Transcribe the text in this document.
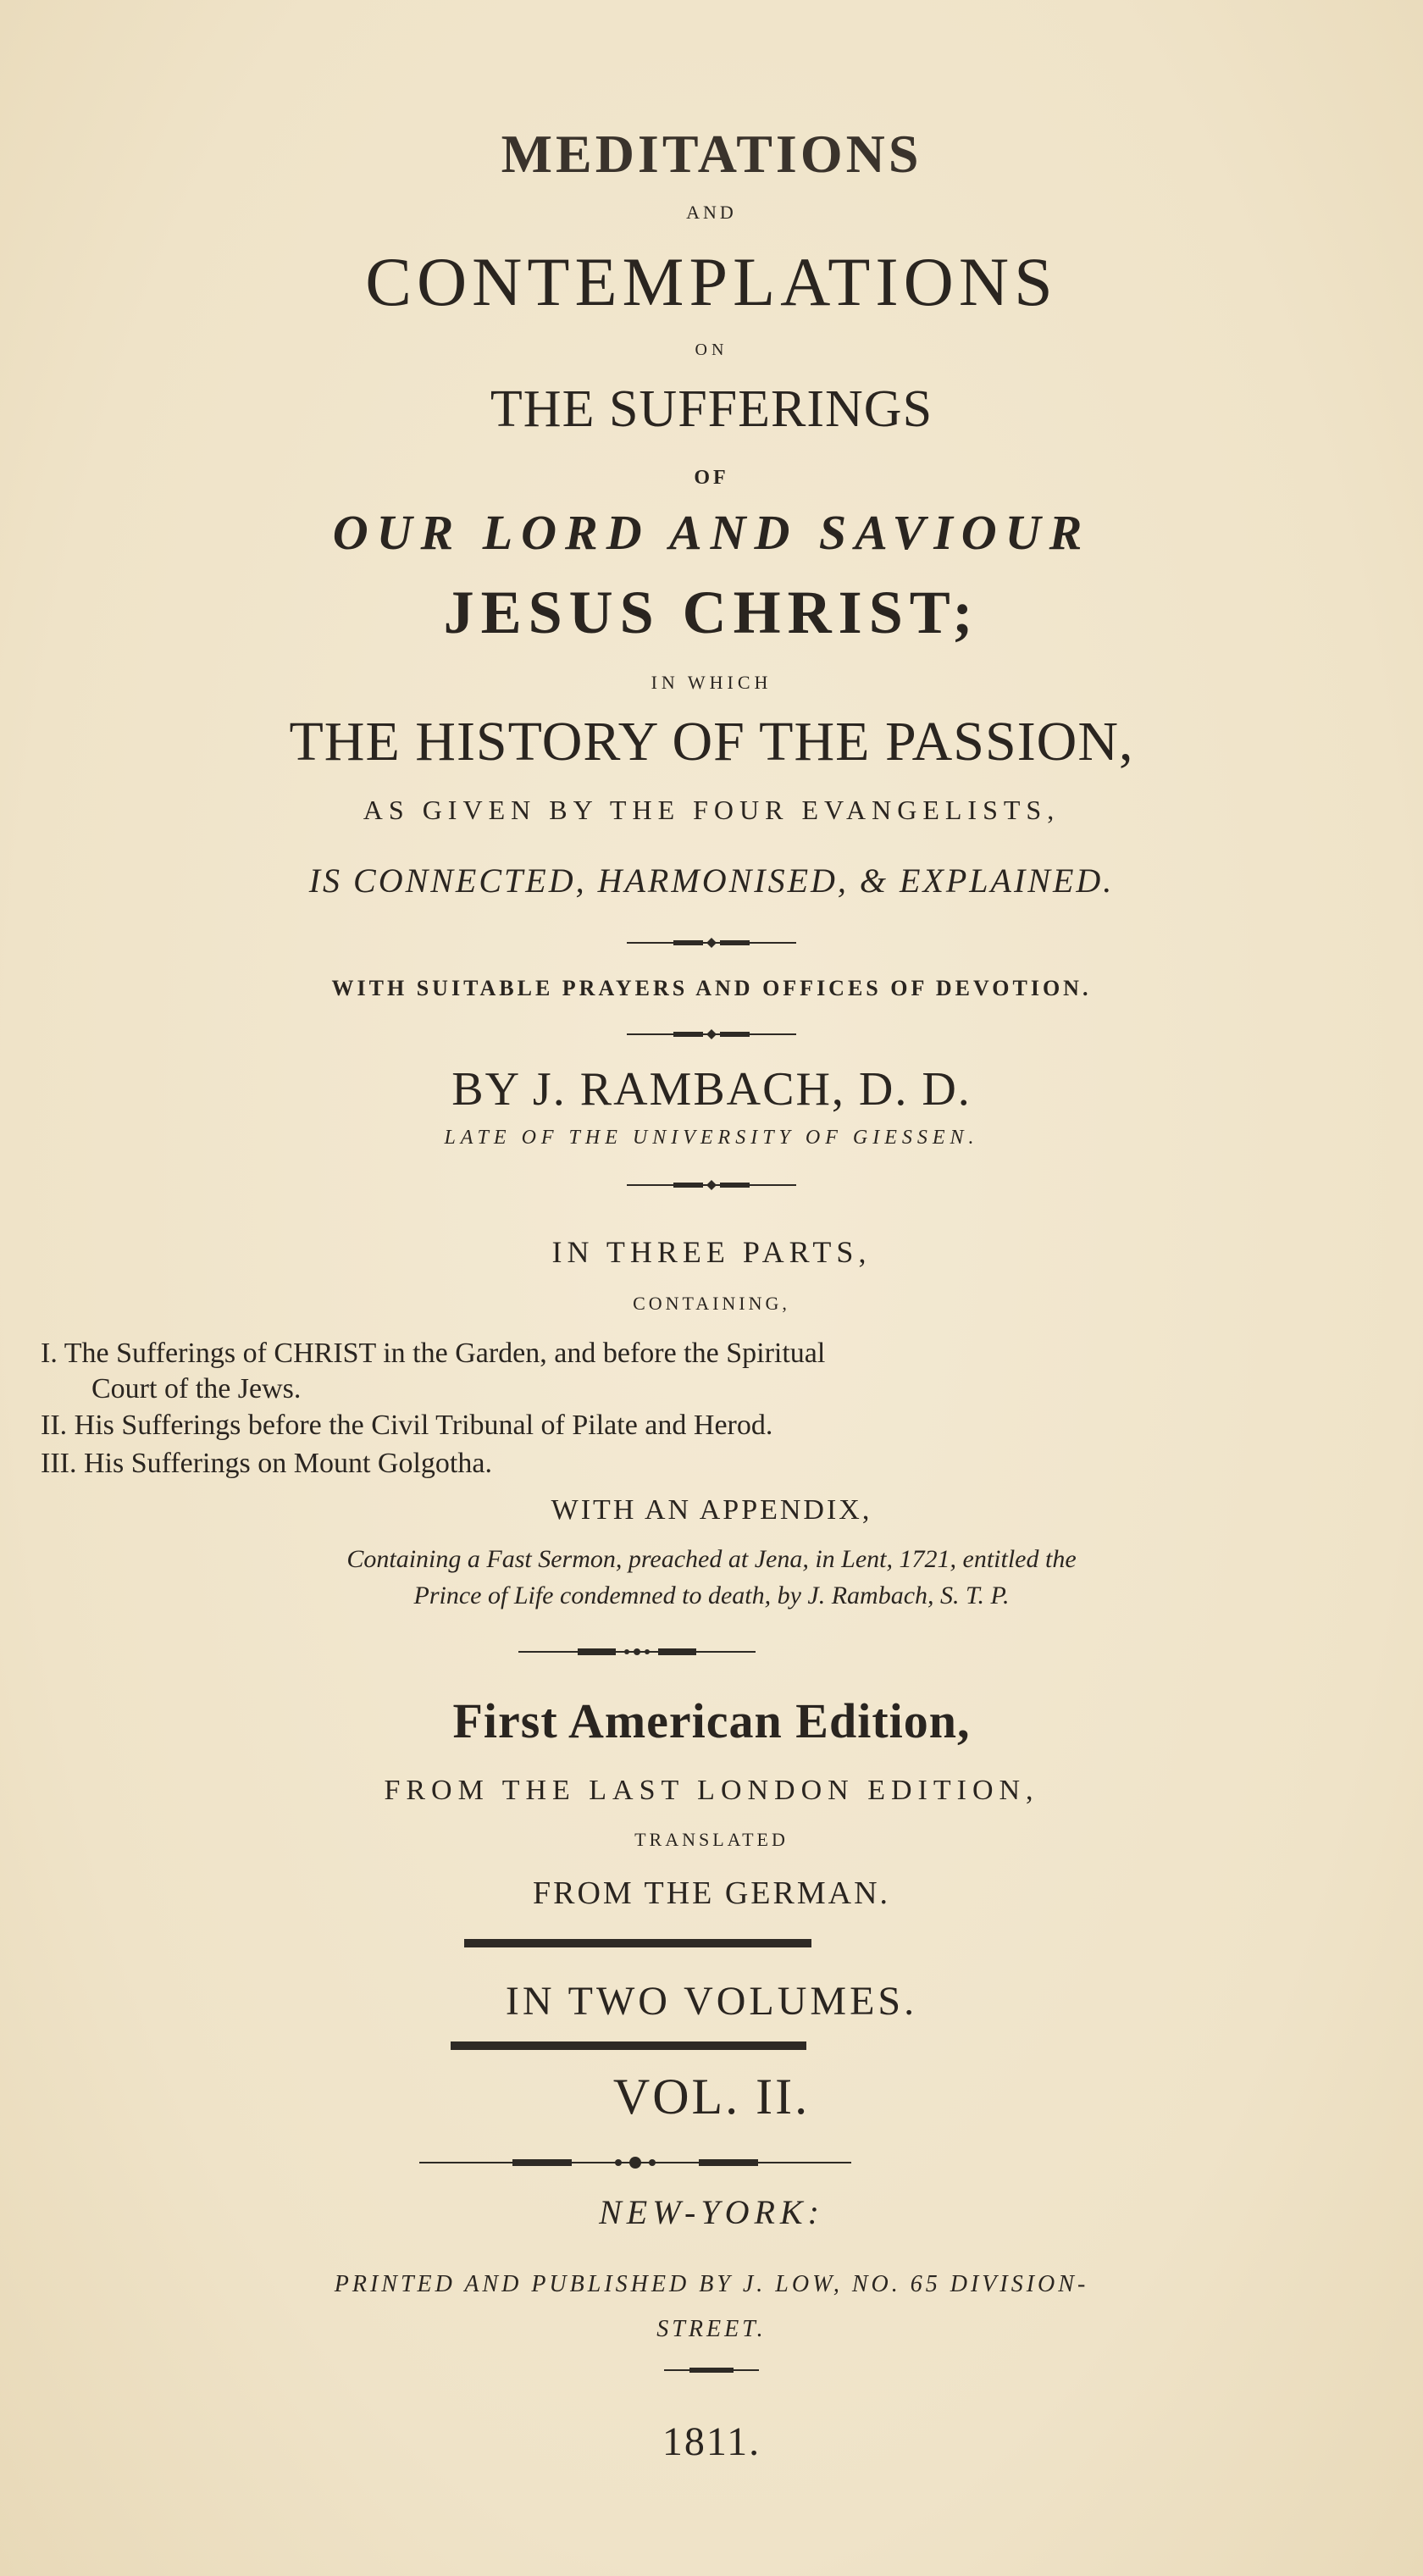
MEDITATIONS
AND
CONTEMPLATIONS
ON
THE SUFFERINGS
OF
OUR LORD AND SAVIOUR
JESUS CHRIST;
IN WHICH
THE HISTORY OF THE PASSION,
AS GIVEN BY THE FOUR EVANGELISTS,
IS CONNECTED, HARMONISED, & EXPLAINED.
WITH SUITABLE PRAYERS AND OFFICES OF DEVOTION.
BY J. RAMBACH, D. D.
LATE OF THE UNIVERSITY OF GIESSEN.
IN THREE PARTS,
CONTAINING,
I. The Sufferings of CHRIST in the Garden, and before the Spiritual
Court of the Jews.
II. His Sufferings before the Civil Tribunal of Pilate and Herod.
III. His Sufferings on Mount Golgotha.
WITH AN APPENDIX,
Containing a Fast Sermon, preached at Jena, in Lent, 1721, entitled the
Prince of Life condemned to death, by J. Rambach, S. T. P.
First American Edition,
FROM THE LAST LONDON EDITION,
TRANSLATED
FROM THE GERMAN.
IN TWO VOLUMES.
VOL. II.
NEW-YORK:
PRINTED AND PUBLISHED BY J. LOW, NO. 65 DIVISION-
STREET.
1811.
